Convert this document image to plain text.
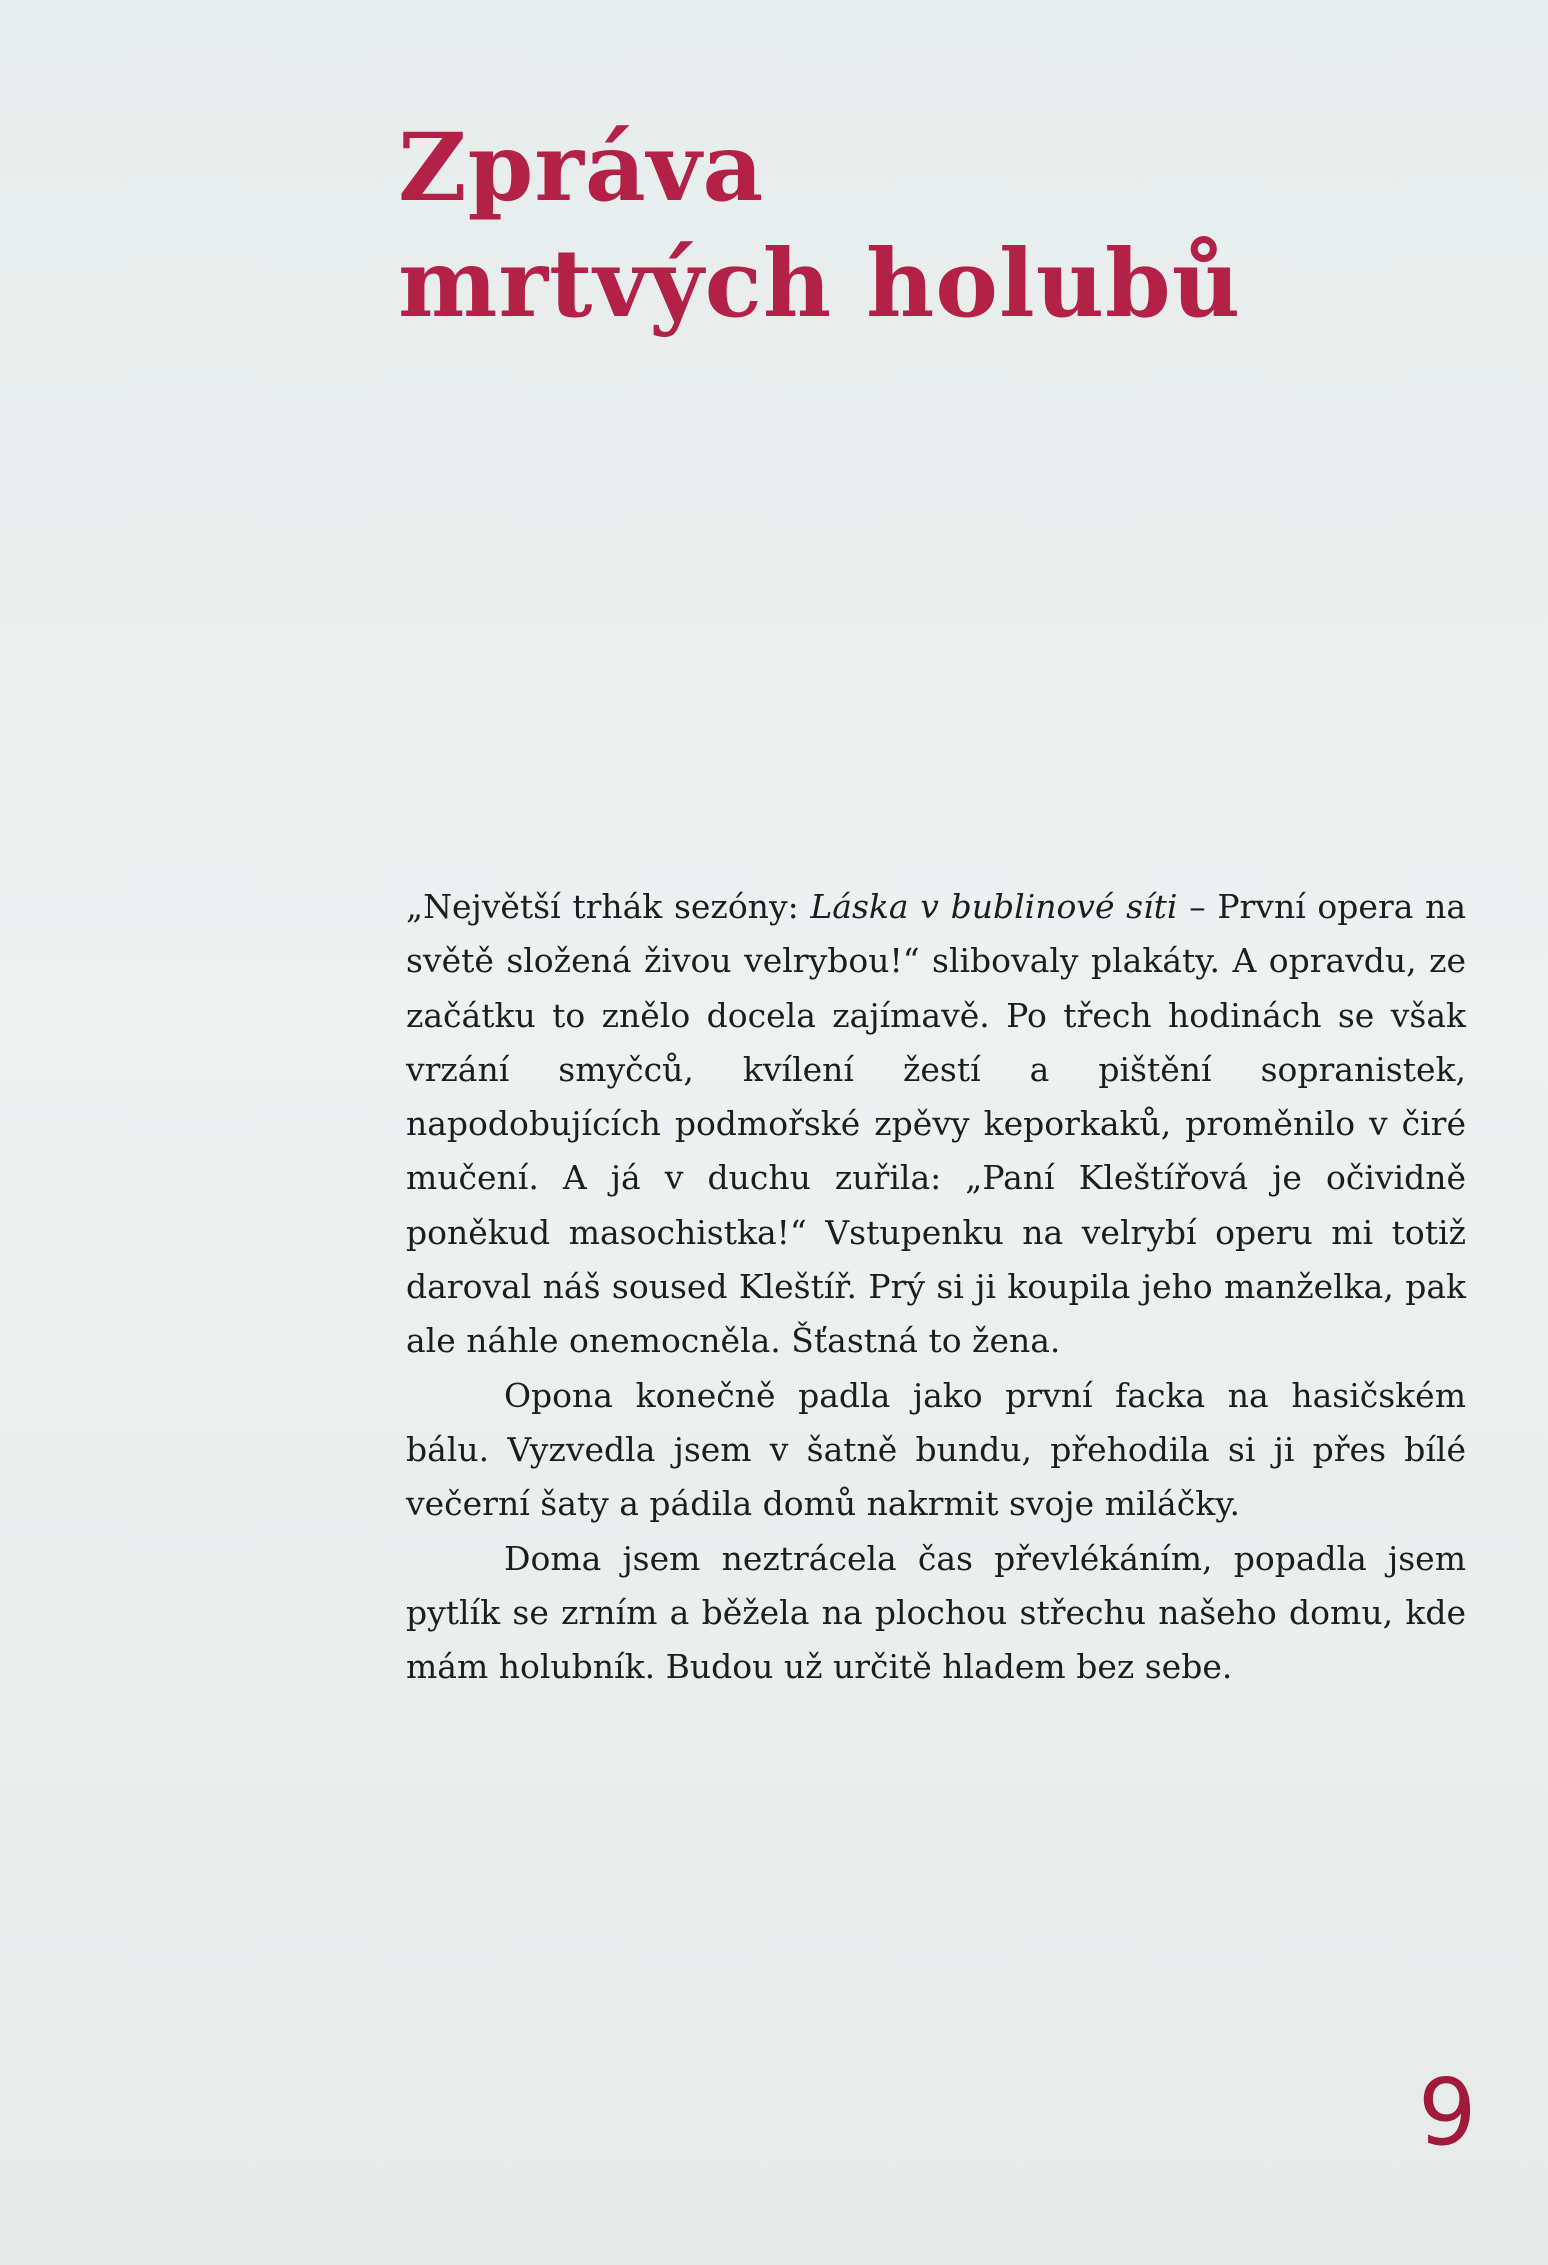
Zpráva
mrtvých holubů

„Největší trhák sezóny: Láska v bublinové síti – První opera na světě složená živou velrybou!“ slibovaly plakáty. A opravdu, ze začátku to znělo docela zajímavě. Po třech hodinách se však vrzání smyčců, kvílení žestí a pištění sopranistek, napodobujících podmořské zpěvy keporkaků, proměnilo v čiré mučení. A já v duchu zuřila: „Paní Kleštířová je očividně poněkud masochistka!“ Vstupenku na velrybí operu mi totiž daroval náš soused Kleštíř. Prý si ji koupila jeho manželka, pak ale náhle onemocněla. Šťastná to žena.

Opona konečně padla jako první facka na hasičském bálu. Vyzvedla jsem v šatně bundu, přehodila si ji přes bílé večerní šaty a pádila domů nakrmit svoje miláčky.

Doma jsem neztrácela čas převlékáním, popadla jsem pytlík se zrním a běžela na plochou střechu našeho domu, kde mám holubník. Budou už určitě hladem bez sebe.

9
